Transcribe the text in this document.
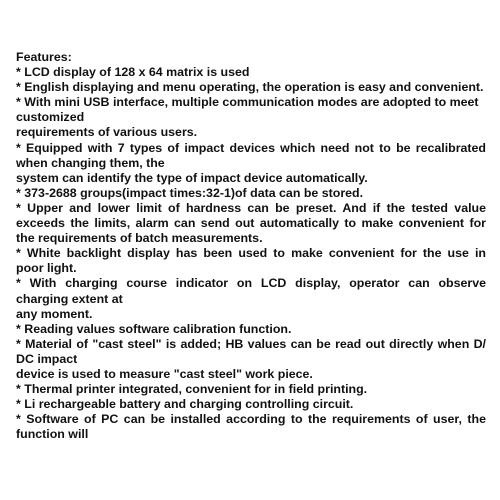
Features:
* LCD display of 128 x 64 matrix is used
* English displaying and menu operating, the operation is easy and convenient.
* With mini USB interface, multiple communication modes are adopted to meet
customized
requirements of various users.
* Equipped with 7 types of impact devices which need not to be recalibrated
when changing them, the
system can identify the type of impact device automatically.
* 373-2688 groups(impact times:32-1)of data can be stored.
* Upper and lower limit of hardness can be preset. And if the tested value
exceeds the limits, alarm can send out automatically to make convenient for
the requirements of batch measurements.
* White backlight display has been used to make convenient for the use in
poor light.
* With charging course indicator on LCD display, operator can observe
charging extent at
any moment.
* Reading values software calibration function.
* Material of "cast steel" is added; HB values can be read out directly when D/
DC impact
device is used to measure "cast steel" work piece.
* Thermal printer integrated, convenient for in field printing.
* Li rechargeable battery and charging controlling circuit.
* Software of PC can be installed according to the requirements of user, the
function will
